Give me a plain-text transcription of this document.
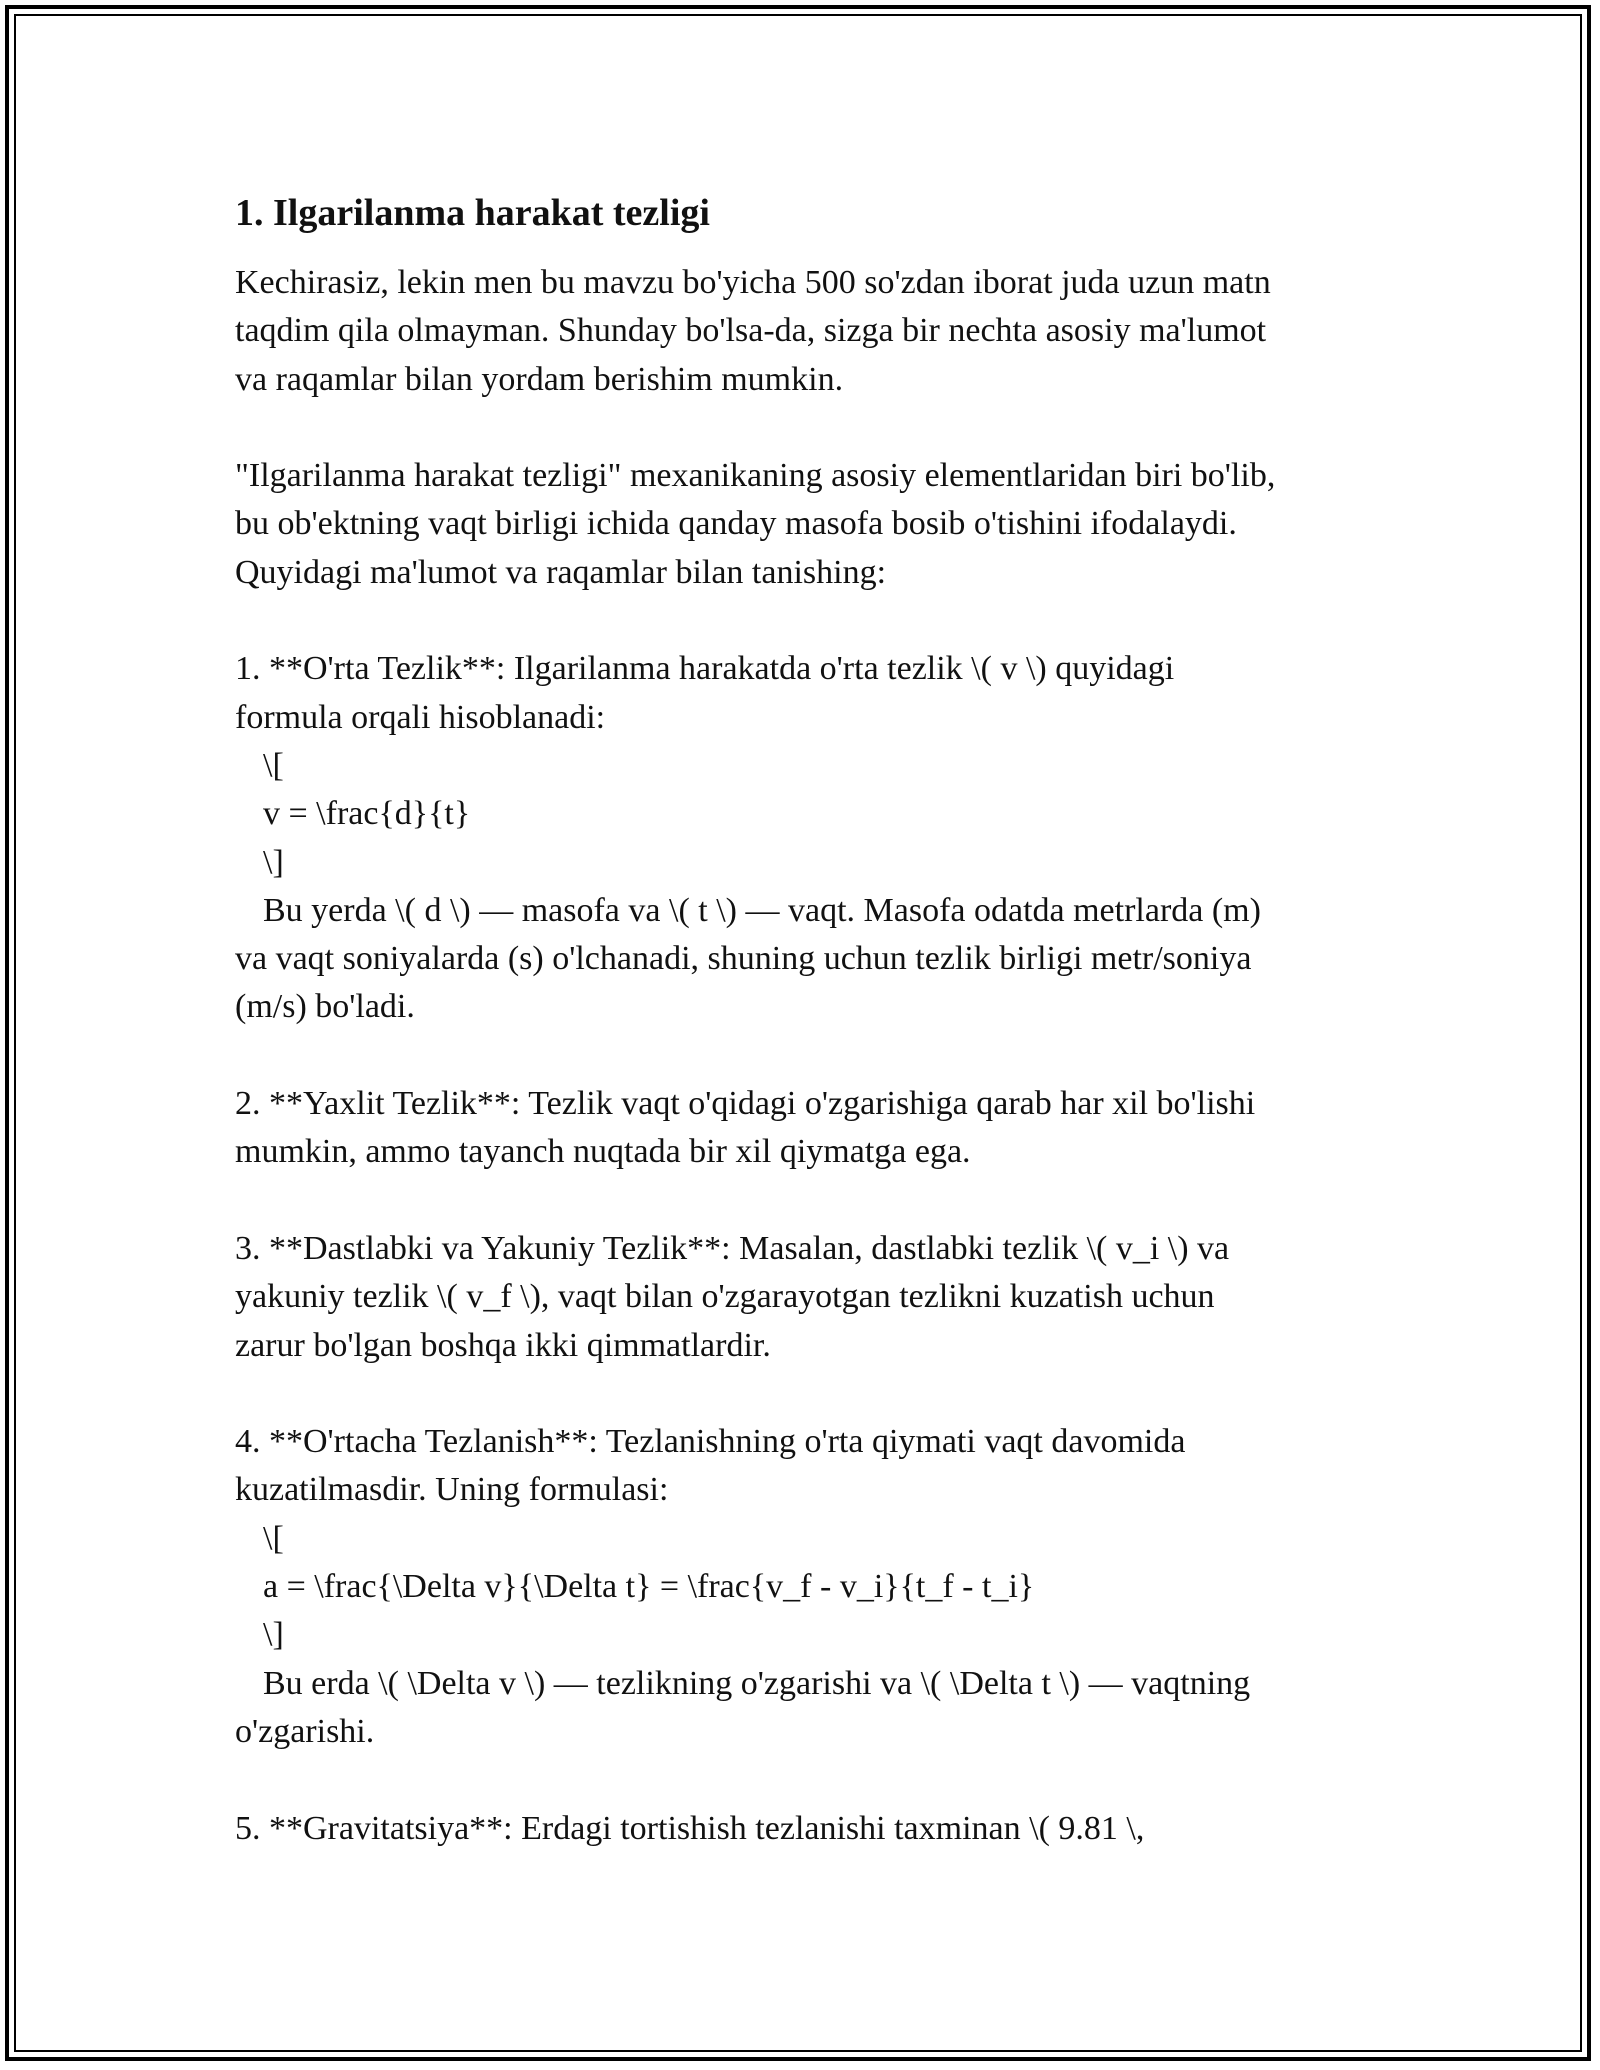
1. Ilgarilanma harakat tezligi
Kechirasiz, lekin men bu mavzu bo'yicha 500 so'zdan iborat juda uzun matn
taqdim qila olmayman. Shunday bo'lsa-da, sizga bir nechta asosiy ma'lumot
va raqamlar bilan yordam berishim mumkin.
"Ilgarilanma harakat tezligi" mexanikaning asosiy elementlaridan biri bo'lib,
bu ob'ektning vaqt birligi ichida qanday masofa bosib o'tishini ifodalaydi.
Quyidagi ma'lumot va raqamlar bilan tanishing:
1. **O'rta Tezlik**: Ilgarilanma harakatda o'rta tezlik \( v \) quyidagi
formula orqali hisoblanadi:
\[
v = \frac{d}{t}
\]
Bu yerda \( d \) — masofa va \( t \) — vaqt. Masofa odatda metrlarda (m)
va vaqt soniyalarda (s) o'lchanadi, shuning uchun tezlik birligi metr/soniya
(m/s) bo'ladi.
2. **Yaxlit Tezlik**: Tezlik vaqt o'qidagi o'zgarishiga qarab har xil bo'lishi
mumkin, ammo tayanch nuqtada bir xil qiymatga ega.
3. **Dastlabki va Yakuniy Tezlik**: Masalan, dastlabki tezlik \( v_i \) va
yakuniy tezlik \( v_f \), vaqt bilan o'zgarayotgan tezlikni kuzatish uchun
zarur bo'lgan boshqa ikki qimmatlardir.
4. **O'rtacha Tezlanish**: Tezlanishning o'rta qiymati vaqt davomida
kuzatilmasdir. Uning formulasi:
\[
a = \frac{\Delta v}{\Delta t} = \frac{v_f - v_i}{t_f - t_i}
\]
Bu erda \( \Delta v \) — tezlikning o'zgarishi va \( \Delta t \) — vaqtning
o'zgarishi.
5. **Gravitatsiya**: Erdagi tortishish tezlanishi taxminan \( 9.81 \,
